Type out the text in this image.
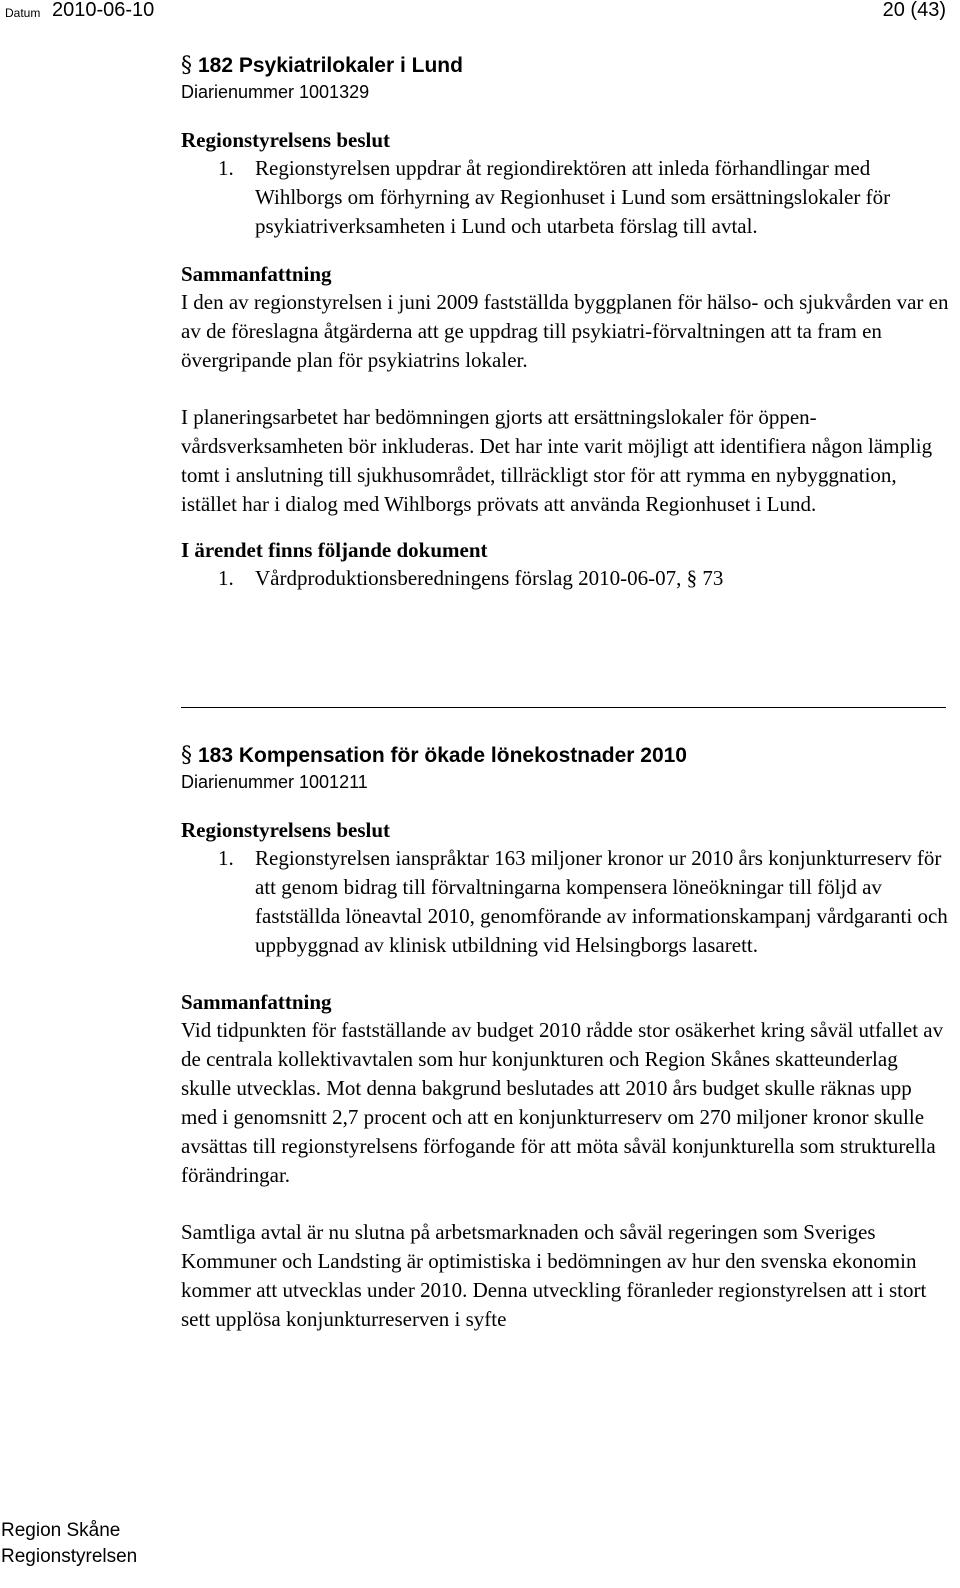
Datum 2010-06-10	20 (43)
§ 182 Psykiatrilokaler i Lund

Diarienummer 1001329

Regionstyrelsens beslut
1. Regionstyrelsen uppdrar åt regiondirektören att inleda förhandlingar med Wihlborgs om förhyrning av Regionhuset i Lund som ersättningslokaler för psykiatriverksamheten i Lund och utarbeta förslag till avtal.
Sammanfattning

I den av regionstyrelsen i juni 2009 fastställda byggplanen för hälso- och sjukvården var en av de föreslagna åtgärderna att ge uppdrag till psykiatri-förvaltningen att ta fram en övergripande plan för psykiatrins lokaler.

I planeringsarbetet har bedömningen gjorts att ersättningslokaler för öppen-vårdsverksamheten bör inkluderas. Det har inte varit möjligt att identifiera någon lämplig tomt i anslutning till sjukhusområdet, tillräckligt stor för att rymma en nybyggnation, istället har i dialog med Wihlborgs prövats att använda Regionhuset i Lund.

I ärendet finns följande dokument
1. Vårdproduktionsberedningens förslag 2010-06-07, § 73
§ 183 Kompensation för ökade lönekostnader 2010

Diarienummer 1001211

Regionstyrelsens beslut
1. Regionstyrelsen ianspråktar 163 miljoner kronor ur 2010 års konjunkturreserv för att genom bidrag till förvaltningarna kompensera löneökningar till följd av fastställda löneavtal 2010, genomförande av informationskampanj vårdgaranti och uppbyggnad av klinisk utbildning vid Helsingborgs lasarett.
Sammanfattning

Vid tidpunkten för fastställande av budget 2010 rådde stor osäkerhet kring såväl utfallet av de centrala kollektivavtalen som hur konjunkturen och Region Skånes skatteunderlag skulle utvecklas. Mot denna bakgrund beslutades att 2010 års budget skulle räknas upp med i genomsnitt 2,7 procent och att en konjunkturreserv om 270 miljoner kronor skulle avsättas till regionstyrelsens förfogande för att möta såväl konjunkturella som strukturella förändringar.

Samtliga avtal är nu slutna på arbetsmarknaden och såväl regeringen som Sveriges Kommuner och Landsting är optimistiska i bedömningen av hur den svenska ekonomin kommer att utvecklas under 2010. Denna utveckling föranleder regionstyrelsen att i stort sett upplösa konjunkturreserven i syfte

Region Skåne
Regionstyrelsen
